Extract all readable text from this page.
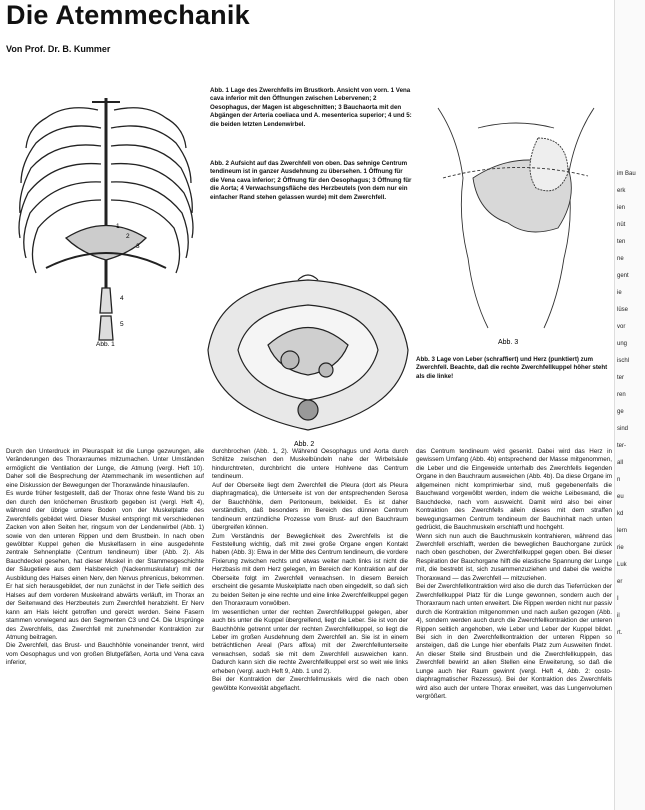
Die Atemmechanik
Von Prof. Dr. B. Kummer
1
2
3
4
5
Abb. 1
Abb. 1 Lage des Zwerchfells im Brustkorb. Ansicht von vorn. 1 Vena cava inferior mit den Öffnungen zwischen Lebervenen; 2 Oesophagus, der Magen ist abgeschnitten; 3 Bauchaorta mit den Abgängen der Arteria coeliaca und A. mesenterica superior; 4 und 5: die beiden letzten Lendenwirbel.
Abb. 2 Aufsicht auf das Zwerchfell von oben. Das sehnige Centrum tendineum ist in ganzer Ausdehnung zu übersehen. 1 Öffnung für die Vena cava inferior; 2 Öffnung für den Oesophagus; 3 Öffnung für die Aorta; 4 Verwachsungsfläche des Herzbeutels (von dem nur ein einfacher Rand stehen gelassen wurde) mit dem Zwerchfell.
Abb. 2
Abb. 3
Abb. 3 Lage von Leber (schraffiert) und Herz (punktiert) zum Zwerchfell. Beachte, daß die rechte Zwerchfellkuppel höher steht als die linke!

Durch den Unterdruck im Pleuraspalt ist die Lunge gezwungen, alle Veränderungen des Thoraxraumes mitzumachen. Unter Umständen ermöglicht die Ventilation der Lunge, die Atmung (vergl. Heft 10). Daher soll die Besprechung der Atemmechanik im wesentlichen auf eine Diskussion der Bewegungen der Thoraxwände hinauslaufen.

Es wurde früher festgestellt, daß der Thorax ohne feste Wand bis zu den durch den knöchernen Brustkorb gegeben ist (vergl. Heft 4), während der übrige untere Boden von der Muskelplatte des Zwerchfells gebildet wird. Dieser Muskel entspringt mit verschiedenen Zacken von allen Seiten her, ringsum von der Lendenwirbel (Abb. 1) sowie von den unteren Rippen und dem Brustbein. In nach oben gewölbter Kuppel gehen die Muskelfasern in eine ausgedehnte zentrale Sehnenplatte (Centrum tendineum) über (Abb. 2). Als Bauchdeckel gesehen, hat dieser Muskel in der Stammesgeschichte der Säugetiere aus dem Halsbereich (Nackenmuskulatur) mit der Ausbildung des Halses einen Nerv, den Nervus phrenicus, bekommen. Er hat sich herausgebildet, der nun zunächst in der Tiefe seitlich des Halses auf dem vorderen Muskelrand abwärts verläuft, im Thorax an der Seitenwand des Herzbeutels zum Zwerchfell herabzieht. Er Nerv kann am Hals leicht getroffen und gereizt werden. Seine Fasern stammen vorwiegend aus den Segmenten C3 und C4. Die Ursprünge des Zwerchfells, das Zwerchfell mit zunehmender Kontraktion zur Atmung beitragen.

Die Zwerchfell, das Brust- und Bauchhöhle voneinander trennt, wird vom Oesophagus und von großen Blutgefäßen, Aorta und Vena cava inferior,

durchbrochen (Abb. 1, 2). Während Oesophagus und Aorta durch Schlitze zwischen den Muskelbündeln nahe der Wirbelsäule hindurchtreten, durchbricht die untere Hohlvene das Centrum tendineum.

Auf der Oberseite liegt dem Zwerchfell die Pleura (dort als Pleura diaphragmatica), die Unterseite ist von der entsprechenden Serosa der Bauchhöhle, dem Peritoneum, bekleidet. Es ist daher verständlich, daß besonders im Bereich des dünnen Centrum tendineum entzündliche Prozesse vom Brust- auf den Bauchraum übergreifen können.

Zum Verständnis der Beweglichkeit des Zwerchfells ist die Feststellung wichtig, daß mit zwei große Organe engen Kontakt haben (Abb. 3): Etwa in der Mitte des Centrum tendineum, die vordere Fixierung zwischen rechts und etwas weiter nach links ist nicht die Herzbasis mit dem Herz gelegen, im Bereich der Kontraktion auf der Oberseite folgt im Zwerchfell verwachsen. In diesem Bereich erscheint die gesamte Muskelplatte nach oben eingedellt, so daß sich zu beiden Seiten je eine rechte und eine linke Zwerchfellkuppel gegen den Thoraxraum vorwölben.

Im wesentlichen unter der rechten Zwerchfellkuppel gelegen, aber auch bis unter die Kuppel übergreifend, liegt die Leber. Sie ist von der Bauchhöhle getrennt unter der rechten Zwerchfellkuppel, so liegt die Leber im großen Ausdehnung dem Zwerchfell an. Sie ist in einem beträchtlichen Areal (Pars affixa) mit der Zwerchfellunterseite verwachsen, sodaß sie mit dem Zwerchfell ausweichen kann. Dadurch kann sich die rechte Zwerchfellkuppel erst so weit wie links erheben (vergl. auch Heft 9, Abb. 1 und 2).

Bei der Kontraktion der Zwerchfellmuskels wird die nach oben gewölbte Konvexität abgeflacht.

das Centrum tendineum wird gesenkt. Dabei wird das Herz in gewissem Umfang (Abb. 4b) entsprechend der Masse mitgenommen, die Leber und die Eingeweide unterhalb des Zwerchfells liegenden Organe in den Bauchraum ausweichen (Abb. 4b). Da diese Organe im allgemeinen nicht komprimierbar sind, muß gegebenenfalls die Bauchwand vorgewölbt werden, indem die weiche Leibeswand, die Bauchdecke, nach vorn ausweicht. Damit wird also bei einer Kontraktion des Zwerchfells allein dieses mit dem straffen bewegungsarmen Centrum tendineum der Bauchinhalt nach unten gedrückt, die Bauchmuskeln erschlafft und hochgeht.

Wenn sich nun auch die Bauchmuskeln kontrahieren, während das Zwerchfell erschlafft, werden die beweglichen Bauchorgane zurück nach oben geschoben, der Zwerchfellkuppel gegen oben. Bei dieser Respiration der Bauchorgane hilft die elastische Spannung der Lunge mit, die bestrebt ist, sich zusammenzuziehen und dabei die weiche Thoraxwand — das Zwerchfell — mitzuziehen.

Bei der Zwerchfellkontraktion wird also die durch das Tieferrücken der Zwerchfellkuppel Platz für die Lunge gewonnen, sondern auch der Thoraxraum nach unten erweitert. Die Rippen werden nicht nur passiv durch die Kontraktion mitgenommen und nach außen gezogen (Abb. 4), sondern werden auch durch die Zwerchfellkontraktion der unteren Rippen seitlich angehoben, wie Leber und Leber der Kuppel bildet. Bei sich in den Zwerchfellkontraktion der unteren Rippen so ansteigen, daß die Lunge hier ebenfalls Platz zum Ausweiten findet. An dieser Stelle sind Brustbein und die Zwerchfellkuppeln, das Zwerchfell bewirkt an allen Stellen eine Erweiterung, so daß die Lunge auch hier Raum gewinnt (vergl. Heft 4, Abb. 2: costo-diaphragmatischer Rezessus). Bei der Kontraktion des Zwerchfells wird also auch der untere Thorax erweitert, was das Lungenvolumen vergrößert.

im Bau
erk
ien
nüt
ten
ne
gent
ie
lüse
vor
ung
ischl
ter
ren
ge
sind
ter-
all
n
eu
kd
lern
rie
Luk
er
I
il
rt.
